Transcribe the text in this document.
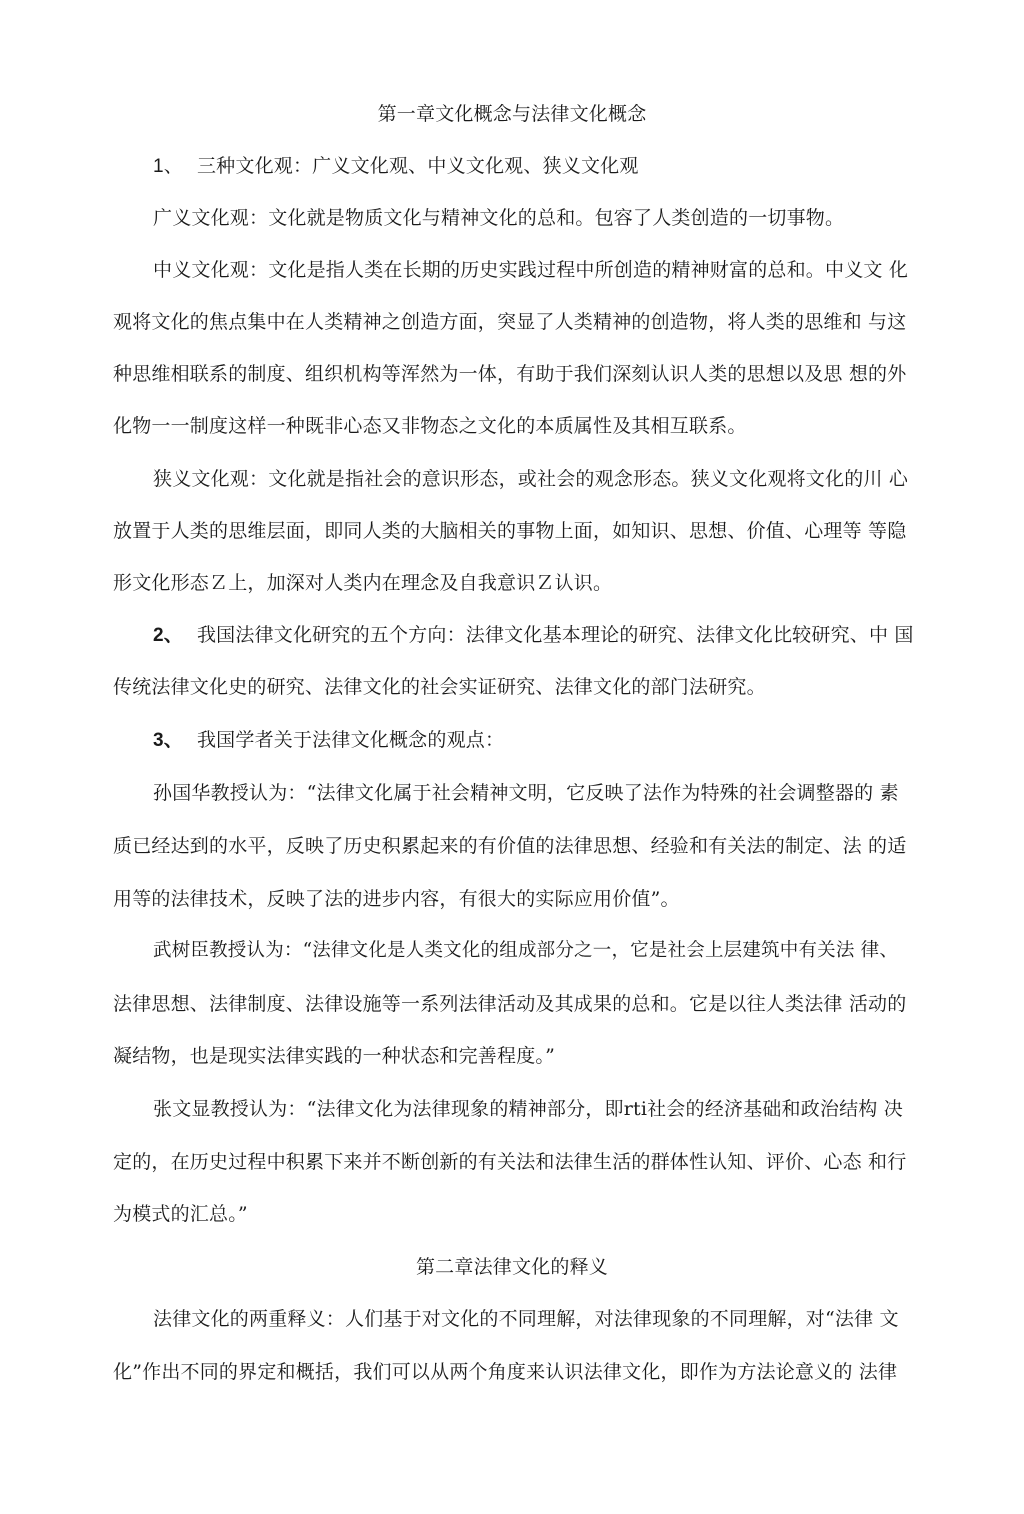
第一章文化概念与法律文化概念
1、 三种文化观：广义文化观、中义文化观、狭义文化观
广义文化观：文化就是物质文化与精神文化的总和。包容了人类创造的一切事物。
中义文化观：文化是指人类在长期的历史实践过程中所创造的精神财富的总和。中义文 化
观将文化的焦点集中在人类精神之创造方面，突显了人类精神的创造物，将人类的思维和 与这
种思维相联系的制度、组织机构等浑然为一体，有助于我们深刻认识人类的思想以及思 想的外
化物一一制度这样一种既非心态又非物态之文化的本质属性及其相互联系。
狭义文化观：文化就是指社会的意识形态，或社会的观念形态。狭义文化观将文化的川 心
放置于人类的思维层面，即同人类的大脑相关的事物上面，如知识、思想、价值、心理等 等隐
形文化形态Ｚ上，加深对人类内在理念及自我意识Ｚ认识。
2、 我国法律文化研究的五个方向：法律文化基本理论的研究、法律文化比较研究、中 国
传统法律文化史的研究、法律文化的社会实证研究、法律文化的部门法研究。
3、 我国学者关于法律文化概念的观点：
孙国华教授认为：“法律文化属于社会精神文明，它反映了法作为特殊的社会调整器的 素
质已经达到的水平，反映了历史积累起来的有价值的法律思想、经验和有关法的制定、法 的适
用等的法律技术，反映了法的进步内容，有很大的实际应用价值”。
武树臣教授认为：“法律文化是人类文化的组成部分之一，它是社会上层建筑中有关法 律、
法律思想、法律制度、法律设施等一系列法律活动及其成果的总和。它是以往人类法律 活动的
凝结物，也是现实法律实践的一种状态和完善程度。”
张文显教授认为：“法律文化为法律现象的精神部分，即rti社会的经济基础和政治结构 决
定的，在历史过程中积累下来并不断创新的有关法和法律生活的群体性认知、评价、心态 和行
为模式的汇总。”
第二章法律文化的释义
法律文化的两重释义：人们基于对文化的不同理解，对法律现象的不同理解，对“法律 文
化”作出不同的界定和概括，我们可以从两个角度来认识法律文化，即作为方法论意义的 法律
